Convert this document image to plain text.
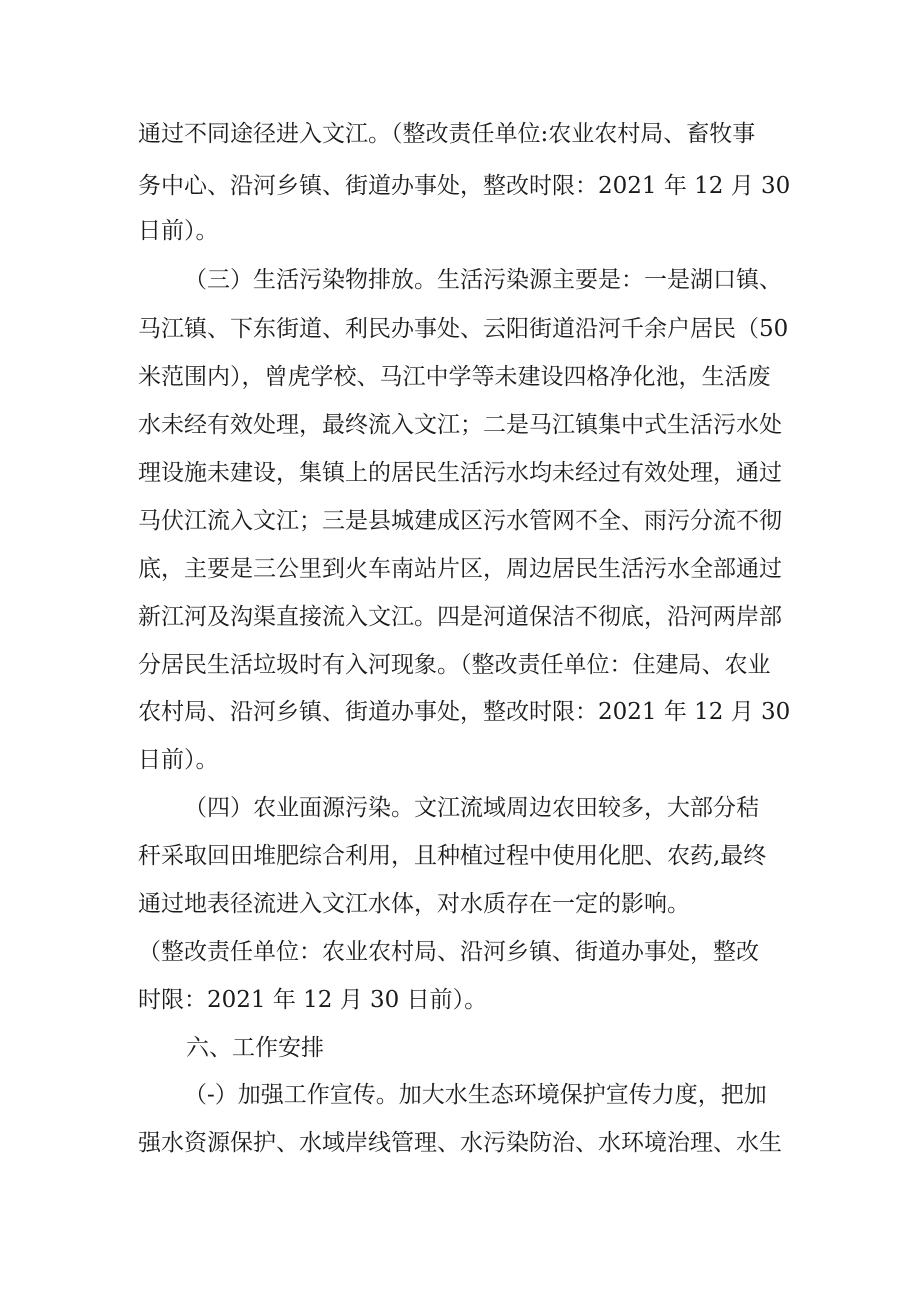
通过不同途径进入文江。（整改责任单位:农业农村局、畜牧事
务中心、沿河乡镇、街道办事处，整改时限：2021 年 12 月 30
日前）。
（三）生活污染物排放。生活污染源主要是：一是湖口镇、
马江镇、下东街道、利民办事处、云阳街道沿河千余户居民（50
米范围内），曾虎学校、马江中学等未建设四格净化池，生活废
水未经有效处理，最终流入文江；二是马江镇集中式生活污水处
理设施未建设，集镇上的居民生活污水均未经过有效处理，通过
马伏江流入文江；三是县城建成区污水管网不全、雨污分流不彻
底，主要是三公里到火车南站片区，周边居民生活污水全部通过
新江河及沟渠直接流入文江。四是河道保洁不彻底，沿河两岸部
分居民生活垃圾时有入河现象。（整改责任单位：住建局、农业
农村局、沿河乡镇、街道办事处，整改时限：2021 年 12 月 30
日前）。
（四）农业面源污染。文江流域周边农田较多，大部分秸
秆采取回田堆肥综合利用，且种植过程中使用化肥、农药,最终
通过地表径流进入文江水体，对水质存在一定的影响。
（整改责任单位：农业农村局、沿河乡镇、街道办事处，整改
时限：2021 年 12 月 30 日前）。
六、工作安排
（-）加强工作宣传。加大水生态环境保护宣传力度，把加
强水资源保护、水域岸线管理、水污染防治、水环境治理、水生
